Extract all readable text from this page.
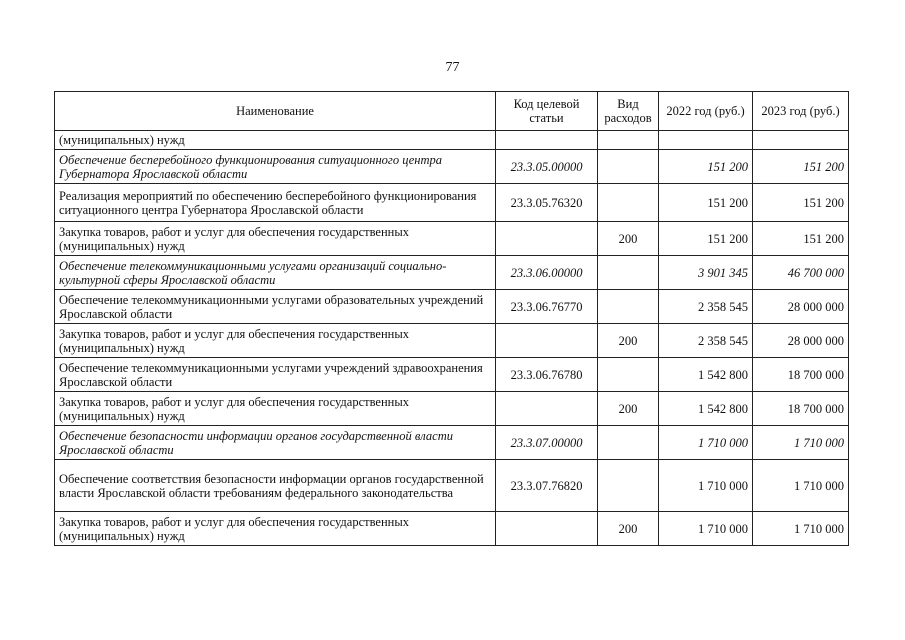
77
Наименование	Код целевой статьи	Вид расходов	2022 год (руб.)	2023 год (руб.)
(муниципальных) нужд				
Обеспечение бесперебойного функционирования ситуационного центра Губернатора Ярославской области	23.3.05.00000		151 200	151 200
Реализация мероприятий по обеспечению бесперебойного функционирования ситуационного центра Губернатора Ярославской области	23.3.05.76320		151 200	151 200
Закупка товаров, работ и услуг для обеспечения государственных (муниципальных) нужд		200	151 200	151 200
Обеспечение телекоммуникационными услугами организаций социально-культурной сферы Ярославской области	23.3.06.00000		3 901 345	46 700 000
Обеспечение телекоммуникационными услугами образовательных учреждений Ярославской области	23.3.06.76770		2 358 545	28 000 000
Закупка товаров, работ и услуг для обеспечения государственных (муниципальных) нужд		200	2 358 545	28 000 000
Обеспечение телекоммуникационными услугами учреждений здравоохранения Ярославской области	23.3.06.76780		1 542 800	18 700 000
Закупка товаров, работ и услуг для обеспечения государственных (муниципальных) нужд		200	1 542 800	18 700 000
Обеспечение безопасности информации органов государственной власти Ярославской области	23.3.07.00000		1 710 000	1 710 000
Обеспечение соответствия безопасности информации органов государственной власти Ярославской области требованиям федерального законодательства	23.3.07.76820		1 710 000	1 710 000
Закупка товаров, работ и услуг для обеспечения государственных (муниципальных) нужд		200	1 710 000	1 710 000
